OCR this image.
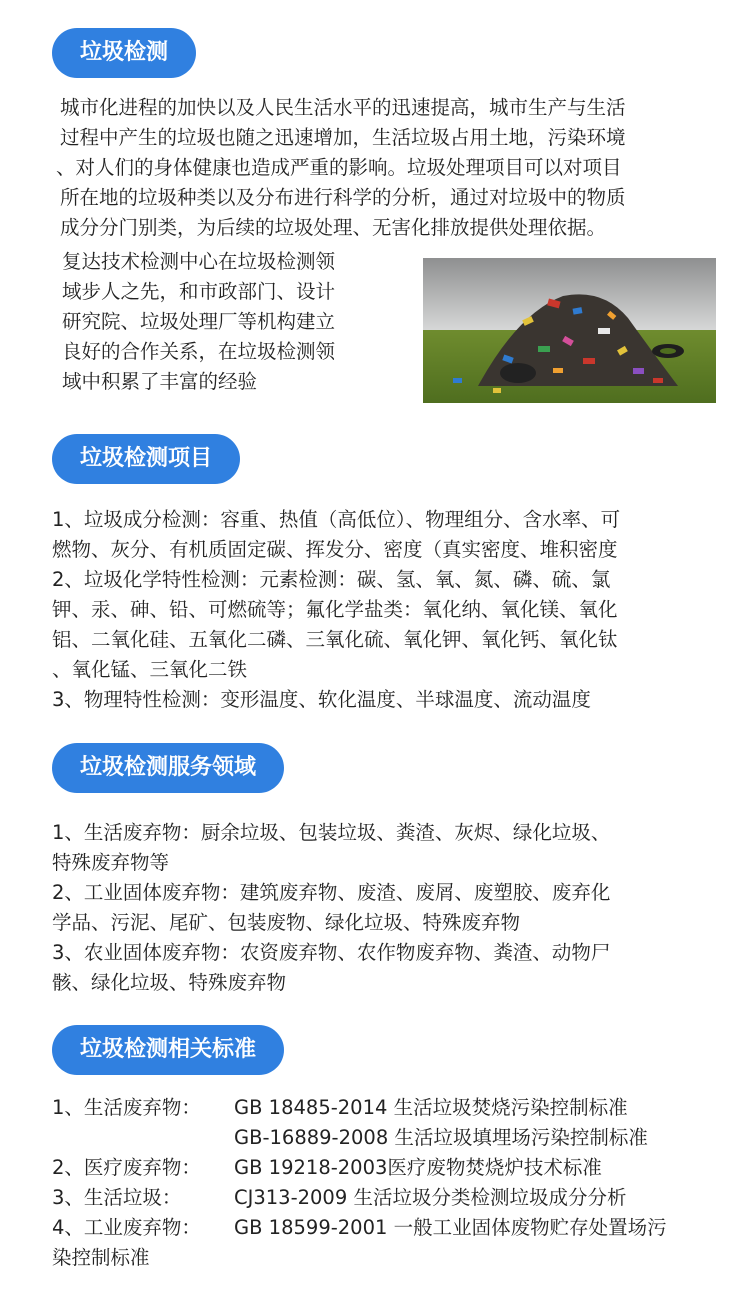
垃圾检测
城市化进程的加快以及人民生活水平的迅速提高，城市生产与生活
过程中产生的垃圾也随之迅速增加，生活垃圾占用土地，污染环境
、对人们的身体健康也造成严重的影响。垃圾处理项目可以对项目
所在地的垃圾种类以及分布进行科学的分析，通过对垃圾中的物质
成分分门别类，为后续的垃圾处理、无害化排放提供处理依据。
复达技术检测中心在垃圾检测领
域步人之先，和市政部门、设计
研究院、垃圾处理厂等机构建立
良好的合作关系，在垃圾检测领
域中积累了丰富的经验
垃圾检测项目
1、垃圾成分检测：容重、热值（高低位）、物理组分、含水率、可
燃物、灰分、有机质固定碳、挥发分、密度（真实密度、堆积密度
2、垃圾化学特性检测：元素检测：碳、氢、氧、氮、磷、硫、氯
钾、汞、砷、铅、可燃硫等；氟化学盐类：氧化纳、氧化镁、氧化
铝、二氧化硅、五氧化二磷、三氧化硫、氧化钾、氧化钙、氧化钛
、氧化锰、三氧化二铁
3、物理特性检测：变形温度、软化温度、半球温度、流动温度
垃圾检测服务领域
1、生活废弃物：厨余垃圾、包装垃圾、粪渣、灰烬、绿化垃圾、
特殊废弃物等
2、工业固体废弃物：建筑废弃物、废渣、废屑、废塑胶、废弃化
学品、污泥、尾矿、包装废物、绿化垃圾、特殊废弃物
3、农业固体废弃物：农资废弃物、农作物废弃物、粪渣、动物尸
骸、绿化垃圾、特殊废弃物
垃圾检测相关标准
1、生活废弃物： GB 18485-2014 生活垃圾焚烧污染控制标准
GB-16889-2008 生活垃圾填埋场污染控制标准
2、医疗废弃物： GB 19218-2003医疗废物焚烧炉技术标准
3、生活垃圾：	CJ313-2009 生活垃圾分类检测垃圾成分分析
4、工业废弃物： GB 18599-2001 一般工业固体废物贮存处置场污
染控制标准
